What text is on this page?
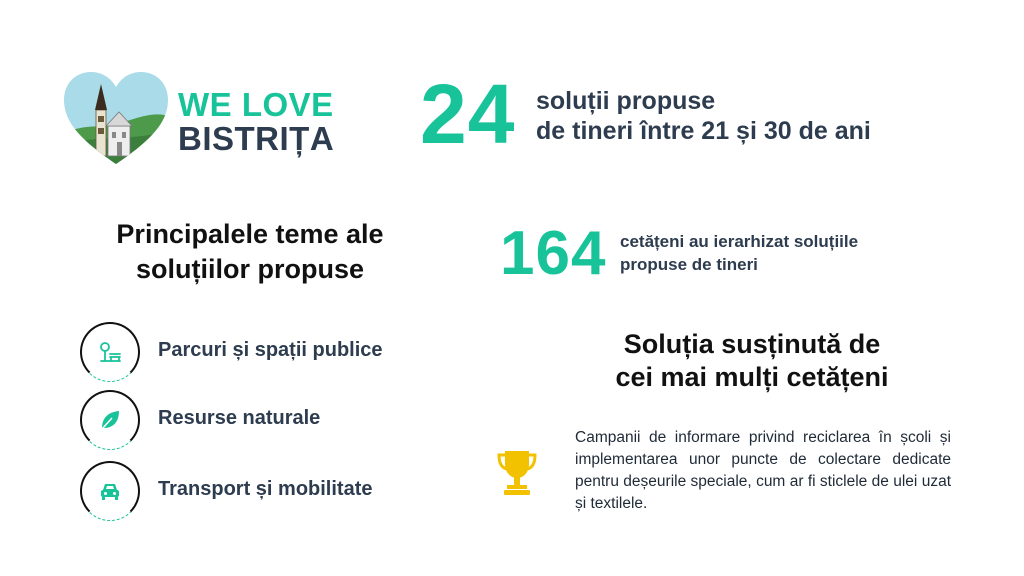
WE LOVE
BISTRIȚA 24 soluții propuse
de tineri între 21 și 30 de ani
Principalele teme ale
soluțiilor propuse	164 cetățeni au ierarhizat soluțiile
propuse de tineri
Parcuri și spații publice
Resurse naturale
Transport și mobilitate
Soluția susținută de
cei mai mulți cetățeni
Campanii de informare privind reciclarea în școli și implementarea unor puncte de colectare dedicate pentru deșeurile speciale, cum ar fi sticlele de ulei uzat și textilele.
